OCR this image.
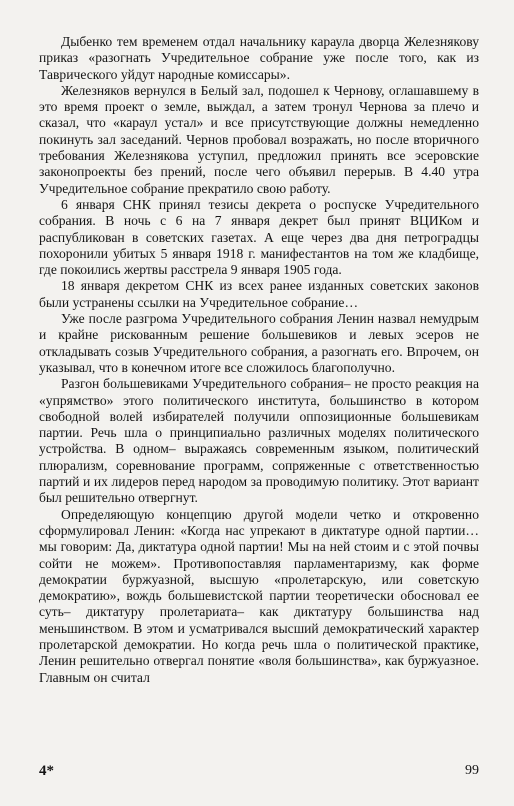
Дыбенко тем временем отдал начальнику караула дворца Железнякову приказ «разогнать Учредительное собрание уже после того, как из Таврического уйдут народные комиссары».

Железняков вернулся в Белый зал, подошел к Чернову, оглашавшему в это время проект о земле, выждал, а затем тронул Чернова за плечо и сказал, что «караул устал» и все присутствующие должны немедленно покинуть зал заседаний. Чернов пробовал возражать, но после вторичного требования Железнякова уступил, предложил принять все эсеровские законопроекты без прений, после чего объявил перерыв. В 4.40 утра Учредительное собрание прекратило свою работу.

6 января СНК принял тезисы декрета о роспуске Учредительного собрания. В ночь с 6 на 7 января декрет был принят ВЦИКом и распубликован в советских газетах. А еще через два дня петроградцы похоронили убитых 5 января 1918 г. манифестантов на том же кладбище, где покоились жертвы расстрела 9 января 1905 года.

18 января декретом СНК из всех ранее изданных советских законов были устранены ссылки на Учредительное собрание…

Уже после разгрома Учредительного собрания Ленин назвал немудрым и крайне рискованным решение большевиков и левых эсеров не откладывать созыв Учредительного собрания, а разогнать его. Впрочем, он указывал, что в конечном итоге все сложилось благополучно.

Разгон большевиками Учредительного собрания– не просто реакция на «упрямство» этого политического института, большинство в котором свободной волей избирателей получили оппозиционные большевикам партии. Речь шла о принципиально различных моделях политического устройства. В одном– выражаясь современным языком, политический плюрализм, соревнование программ, сопряженные с ответственностью партий и их лидеров перед народом за проводимую политику. Этот вариант был решительно отвергнут.

Определяющую концепцию другой модели четко и откровенно сформулировал Ленин: «Когда нас упрекают в диктатуре одной партии… мы говорим: Да, диктатура одной партии! Мы на ней стоим и с этой почвы сойти не можем». Противопоставляя парламентаризму, как форме демократии буржуазной, высшую «пролетарскую, или советскую демократию», вождь большевистской партии теоретически обосновал ее суть– диктатуру пролетариата– как диктатуру большинства над меньшинством. В этом и усматривался высший демократический характер пролетарской демократии. Но когда речь шла о политической практике, Ленин решительно отвергал понятие «воля большинства», как буржуазное. Главным он считал

4*	99
